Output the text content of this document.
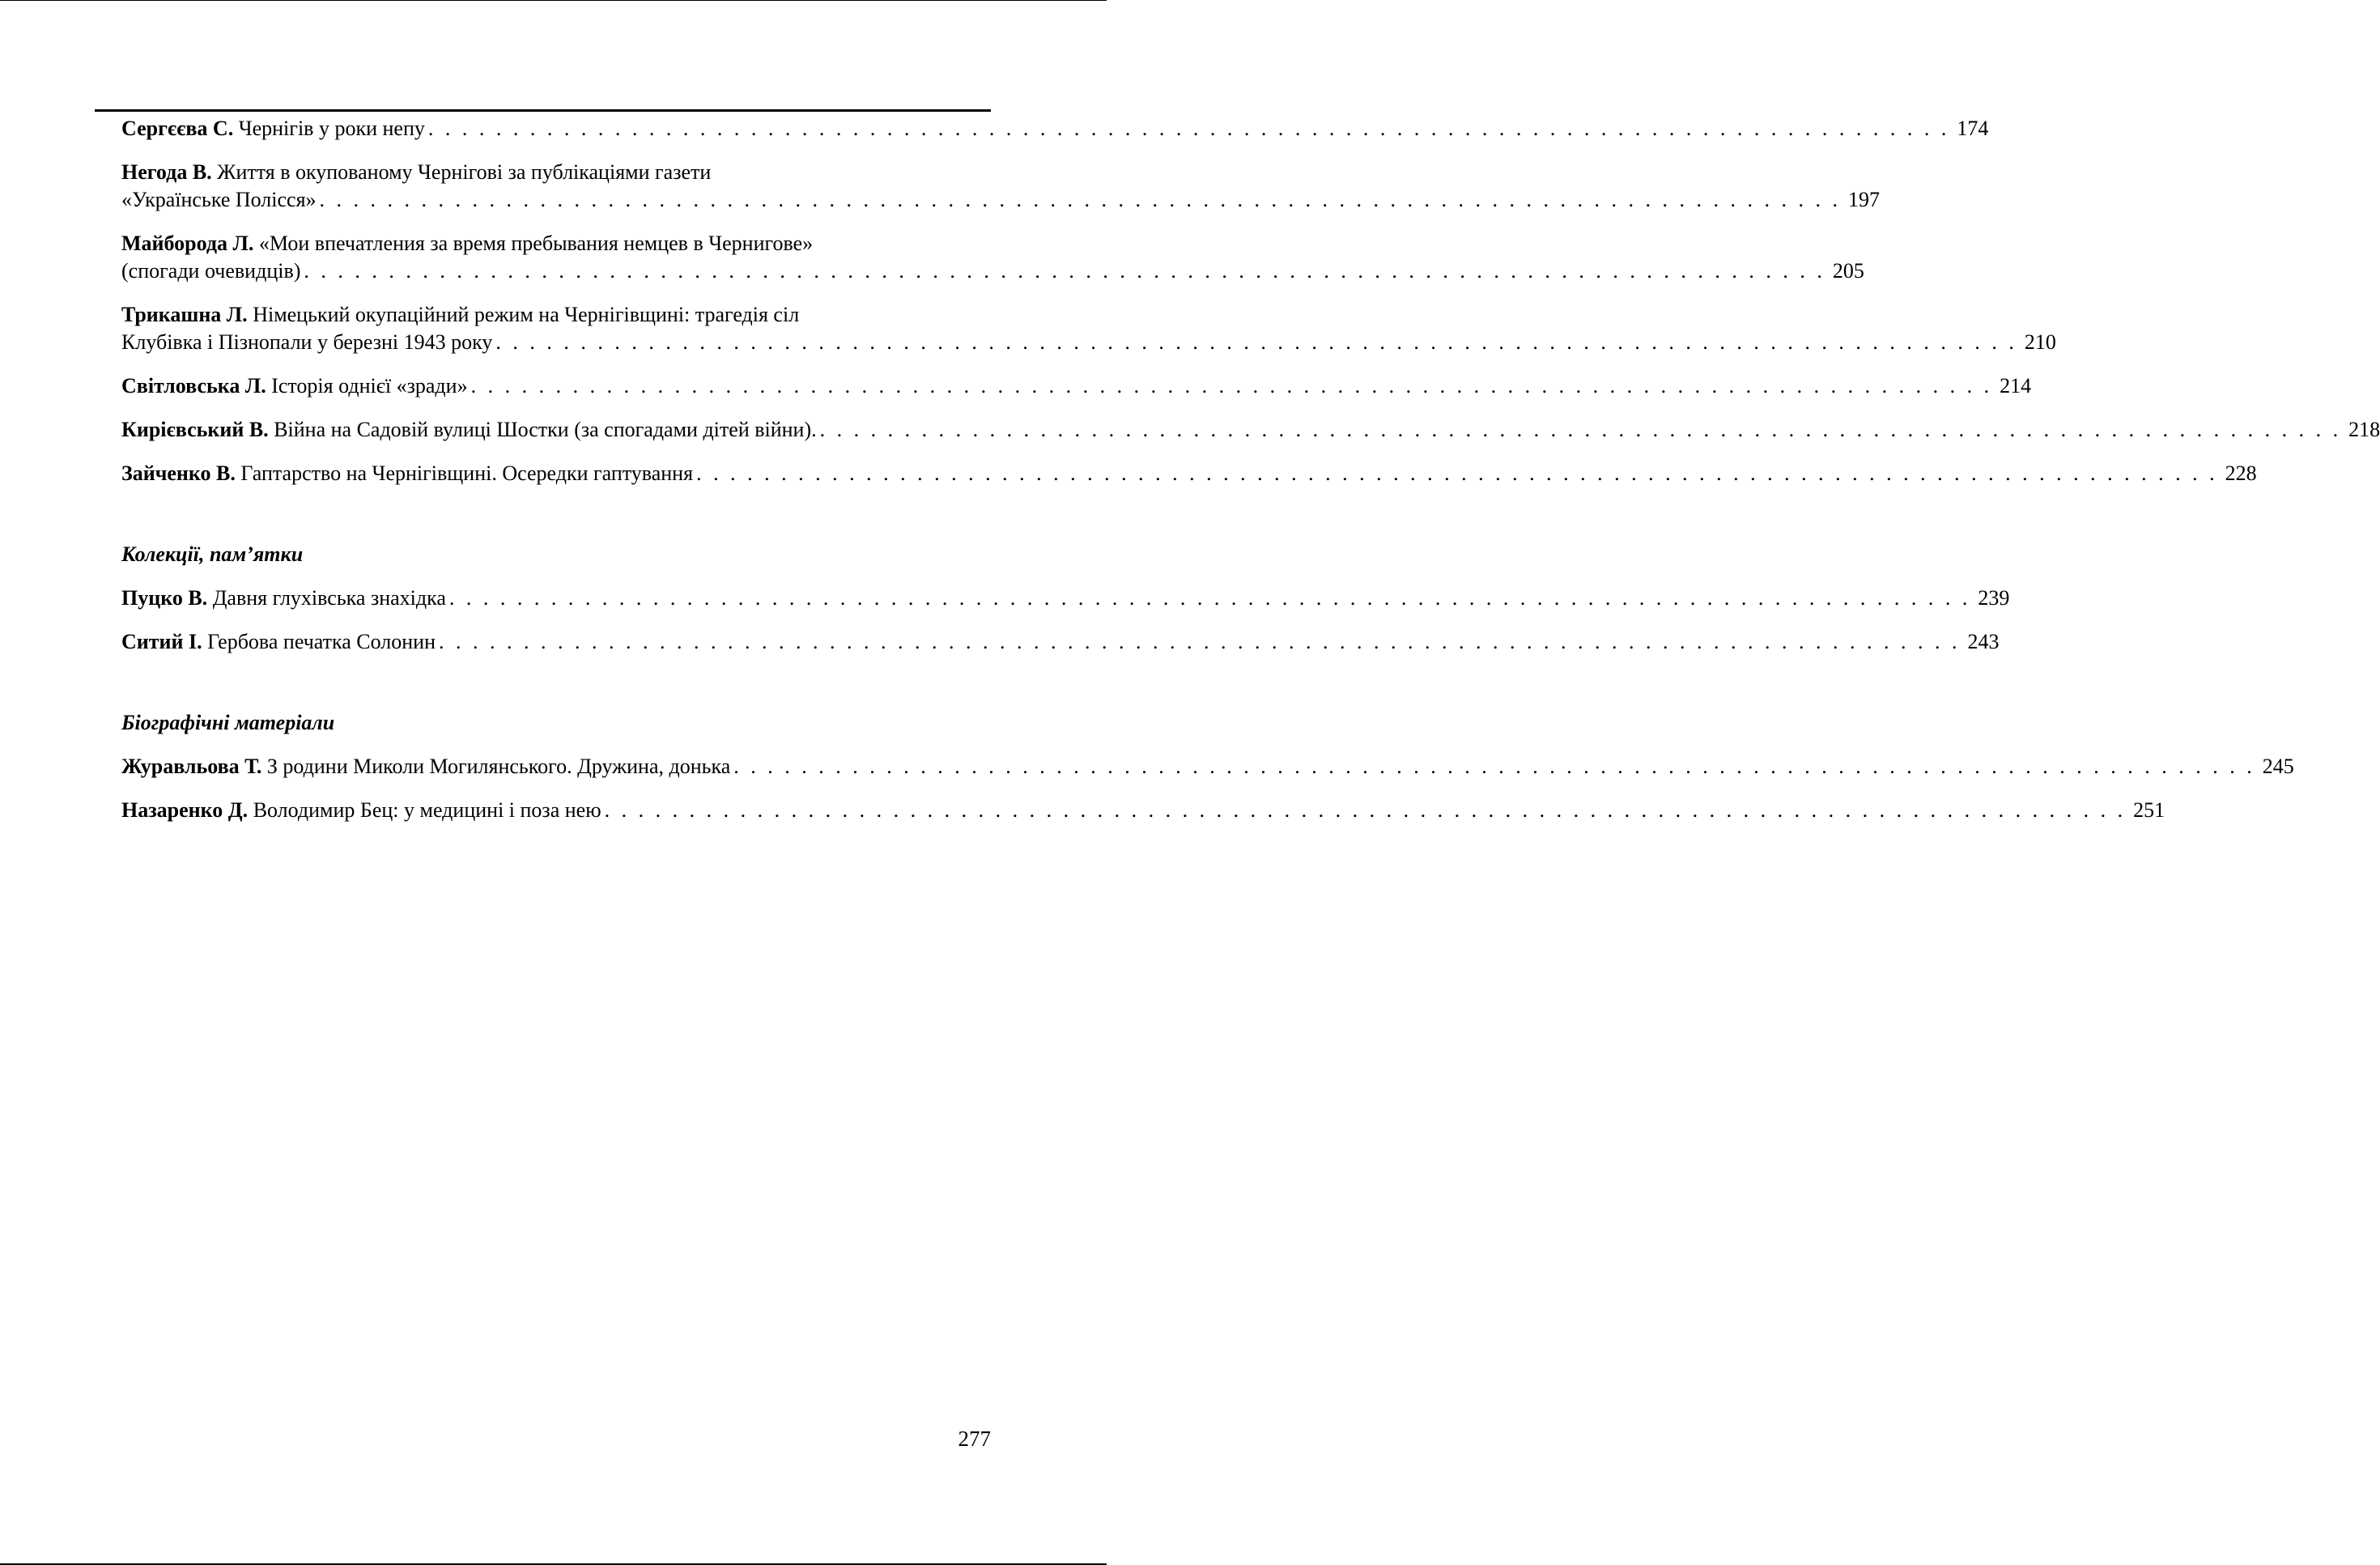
Сергєєва С. Чернігів у роки непу . . . . . . . . . . . . . . . . . . . . . . . . . . . . . . . . . . . . . . . . . . . . . . . . . . . . . . . . . . . . . . . . . . . . . . . . . . . . . . . . . . . . . . . . . . 174
Негода В. Життя в окупованому Чернігові за публікаціями газети
«Українське Полісся» . . . . . . . . . . . . . . . . . . . . . . . . . . . . . . . . . . . . . . . . . . . . . . . . . . . . . . . . . . . . . . . . . . . . . . . . . . . . . . . . . . . . . . . . . . 197
Майборода Л. «Мои впечатления за время пребывания немцев в Чернигове»
(спогади очевидців) . . . . . . . . . . . . . . . . . . . . . . . . . . . . . . . . . . . . . . . . . . . . . . . . . . . . . . . . . . . . . . . . . . . . . . . . . . . . . . . . . . . . . . . . . . 205
Трикашна Л. Німецький окупаційний режим на Чернігівщині: трагедія сіл
Клубівка і Пізнопали у березні 1943 року . . . . . . . . . . . . . . . . . . . . . . . . . . . . . . . . . . . . . . . . . . . . . . . . . . . . . . . . . . . . . . . . . . . . . . . . . . . . . . . . . . . . . . . . . . 210
Світловська Л. Історія однієї «зради» . . . . . . . . . . . . . . . . . . . . . . . . . . . . . . . . . . . . . . . . . . . . . . . . . . . . . . . . . . . . . . . . . . . . . . . . . . . . . . . . . . . . . . . . . . 214
Кирієвський В. Війна на Садовій вулиці Шостки (за спогадами дітей війни). . . . . . . . . . . . . . . . . . . . . . . . . . . . . . . . . . . . . . . . . . . . . . . . . . . . . . . . . . . . . . . . . . . . . . . . . . . . . . . . . . . . . . . . . . . 218
Зайченко В. Гаптарство на Чернігівщині. Осередки гаптування . . . . . . . . . . . . . . . . . . . . . . . . . . . . . . . . . . . . . . . . . . . . . . . . . . . . . . . . . . . . . . . . . . . . . . . . . . . . . . . . . . . . . . . . . . 228
Колекції, пам’ятки
Пуцко В. Давня глухівська знахідка . . . . . . . . . . . . . . . . . . . . . . . . . . . . . . . . . . . . . . . . . . . . . . . . . . . . . . . . . . . . . . . . . . . . . . . . . . . . . . . . . . . . . . . . . . 239
Ситий І. Гербова печатка Солонин . . . . . . . . . . . . . . . . . . . . . . . . . . . . . . . . . . . . . . . . . . . . . . . . . . . . . . . . . . . . . . . . . . . . . . . . . . . . . . . . . . . . . . . . . . 243
Біографічні матеріали
Журавльова Т. З родини Миколи Могилянського. Дружина, донька . . . . . . . . . . . . . . . . . . . . . . . . . . . . . . . . . . . . . . . . . . . . . . . . . . . . . . . . . . . . . . . . . . . . . . . . . . . . . . . . . . . . . . . . . . 245
Назаренко Д. Володимир Бец: у медицині і поза нею . . . . . . . . . . . . . . . . . . . . . . . . . . . . . . . . . . . . . . . . . . . . . . . . . . . . . . . . . . . . . . . . . . . . . . . . . . . . . . . . . . . . . . . . . . 251
277
